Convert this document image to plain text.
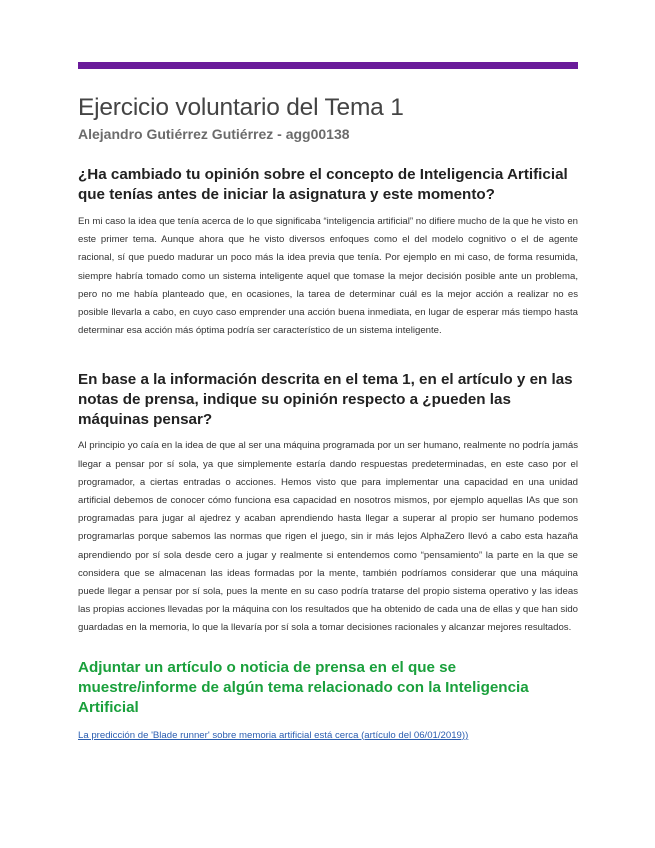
Ejercicio voluntario del Tema 1
Alejandro Gutiérrez Gutiérrez - agg00138
¿Ha cambiado tu opinión sobre el concepto de Inteligencia Artificial que tenías antes de iniciar la asignatura y este momento?

En mi caso la idea que tenía acerca de lo que significaba “inteligencia artificial” no difiere mucho de la que he visto en este primer tema. Aunque ahora que he visto diversos enfoques como el del modelo cognitivo o el de agente racional, sí que puedo madurar un poco más la idea previa que tenía. Por ejemplo en mi caso, de forma resumida, siempre habría tomado como un sistema inteligente aquel que tomase la mejor decisión posible ante un problema, pero no me había planteado que, en ocasiones, la tarea de determinar cuál es la mejor acción a realizar no es posible llevarla a cabo, en cuyo caso emprender una acción buena inmediata, en lugar de esperar más tiempo hasta determinar esa acción más óptima podría ser característico de un sistema inteligente.

En base a la información descrita en el tema 1, en el artículo y en las notas de prensa, indique su opinión respecto a ¿pueden las máquinas pensar?

Al principio yo caía en la idea de que al ser una máquina programada por un ser humano, realmente no podría jamás llegar a pensar por sí sola, ya que simplemente estaría dando respuestas predeterminadas, en este caso por el programador, a ciertas entradas o acciones. Hemos visto que para implementar una capacidad en una unidad artificial debemos de conocer cómo funciona esa capacidad en nosotros mismos, por ejemplo aquellas IAs que son programadas para jugar al ajedrez y acaban aprendiendo hasta llegar a superar al propio ser humano podemos programarlas porque sabemos las normas que rigen el juego, sin ir más lejos AlphaZero llevó a cabo esta hazaña aprendiendo por sí sola desde cero a jugar y realmente si entendemos como “pensamiento” la parte en la que se considera que se almacenan las ideas formadas por la mente, también podríamos considerar que una máquina puede llegar a pensar por sí sola, pues la mente en su caso podría tratarse del propio sistema operativo y las ideas las propias acciones llevadas por la máquina con los resultados que ha obtenido de cada una de ellas y que han sido guardadas en la memoria, lo que la llevaría por sí sola a tomar decisiones racionales y alcanzar mejores resultados.

Adjuntar un artículo o noticia de prensa en el que se muestre/informe de algún tema relacionado con la Inteligencia Artificial
La predicción de 'Blade runner' sobre memoria artificial está cerca (artículo del 06/01/2019))
